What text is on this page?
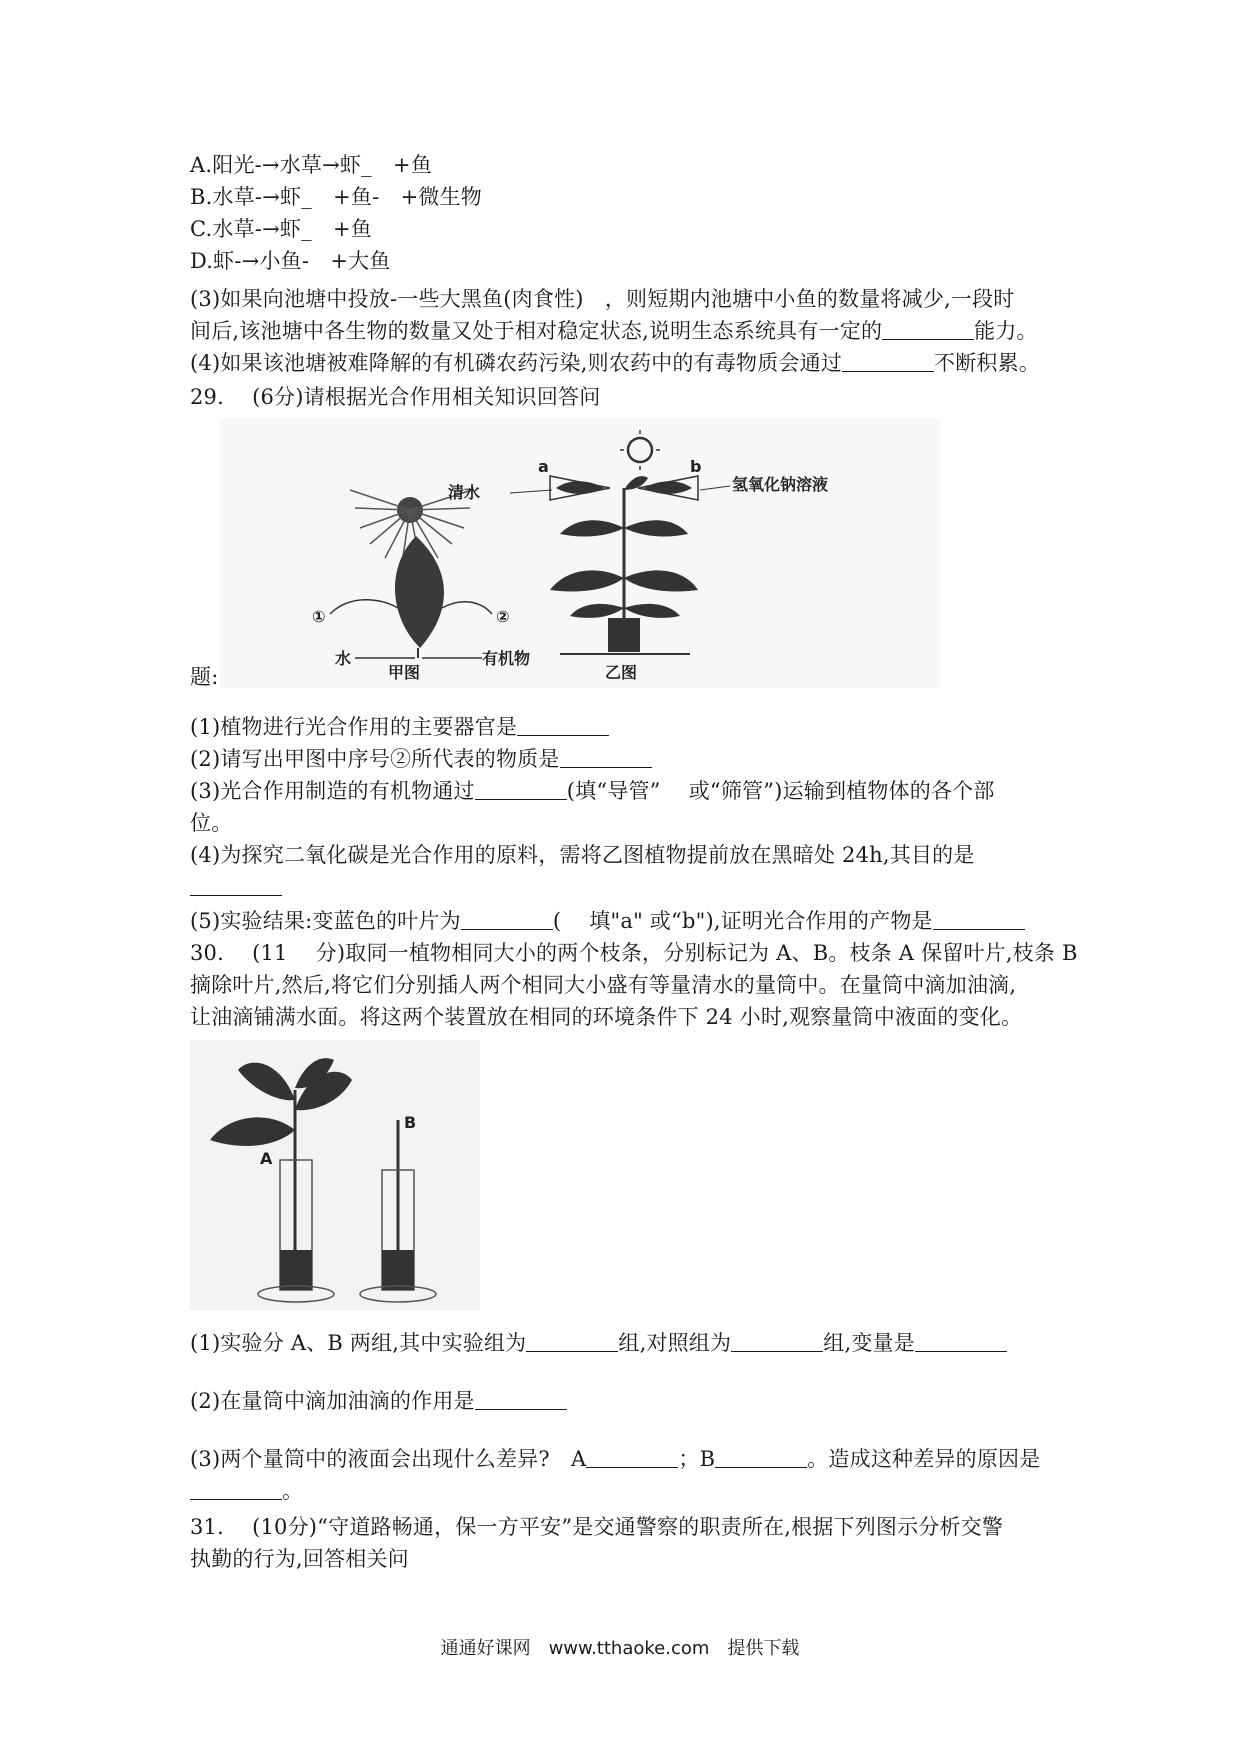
A.阳光-→水草→虾_　+鱼
B.水草-→虾_　+鱼-　+微生物
C.水草-→虾_　+鱼
D.虾-→小鱼-　+大鱼
(3)如果向池塘中投放-一些大黑鱼(肉食性)　，则短期内池塘中小鱼的数量将减少,一段时
间后,该池塘中各生物的数量又处于相对稳定状态,说明生态系统具有一定的	能力。
(4)如果该池塘被难降解的有机磷农药污染,则农药中的有毒物质会通过	不断积累。
29.　 (6分)请根据光合作用相关知识回答问
①	②
水	有机物
甲图
a	b
清水	氢氧化钠溶液
乙图
题:
(1)植物进行光合作用的主要器官是
(2)请写出甲图中序号②所代表的物质是
(3)光合作用制造的有机物通过	(填“导管”　 或“筛管”)运输到植物体的各个部
位。
(4)为探究二氧化碳是光合作用的原料，需将乙图植物提前放在黑暗处 24h,其目的是
(5)实验结果:变蓝色的叶片为	(　 填"a" 或“b"),证明光合作用的产物是
30.　 (11　 分)取同一植物相同大小的两个枝条，分别标记为 A、B。枝条 A 保留叶片,枝条 B
摘除叶片,然后,将它们分别插人两个相同大小盛有等量清水的量筒中。在量筒中滴加油滴,
让油滴铺满水面。将这两个装置放在相同的环境条件下 24 小时,观察量筒中液面的变化。
A
B
(1)实验分 A、B 两组,其中实验组为	组,对照组为	组,变量是
(2)在量筒中滴加油滴的作用是
(3)两个量筒中的液面会出现什么差异?　A	；B	。造成这种差异的原因是
。
31.　 (10分)“守道路畅通，保一方平安”是交通警察的职责所在,根据下列图示分析交警
执勤的行为,回答相关问
通通好课网　www.tthaoke.com　提供下载
